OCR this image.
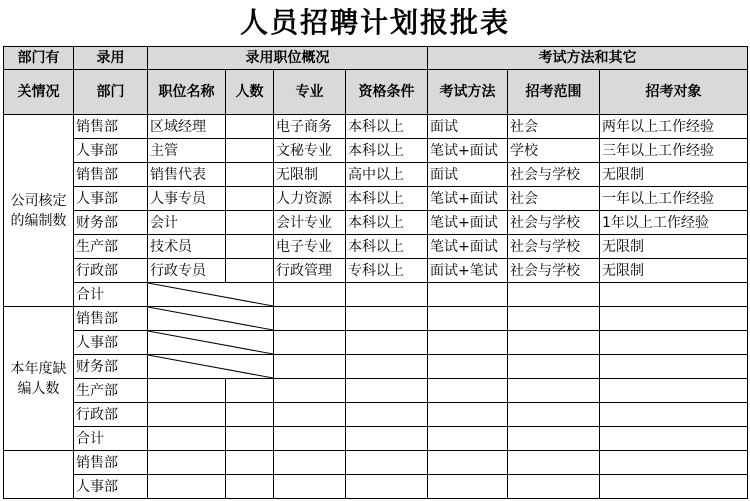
人员招聘计划报批表
部门有	录用	录用职位概况				考试方法和其它		
关情况	部门	职位名称	人数	专业	资格条件	考试方法	招考范围	招考对象
公司核定的编制数	销售部	区域经理		电子商务	本科以上	面试	社会	两年以上工作经验
	人事部	主管		文秘专业	本科以上	笔试+面试	学校	三年以上工作经验
	销售部	销售代表		无限制	高中以上	面试	社会与学校	无限制
	人事部	人事专员		人力资源	本科以上	笔试+面试	社会	一年以上工作经验
	财务部	会计		会计专业	本科以上	笔试+面试	社会与学校	1年以上工作经验
	生产部	技术员		电子专业	本科以上	笔试+面试	社会与学校	无限制
	行政部	行政专员		行政管理	专科以上	面试+笔试	社会与学校	无限制
	合计	

本年度缺编人数	销售部	

	人事部	

	财务部	

	生产部							
	行政部							
	合计							
	销售部							
	人事部							
